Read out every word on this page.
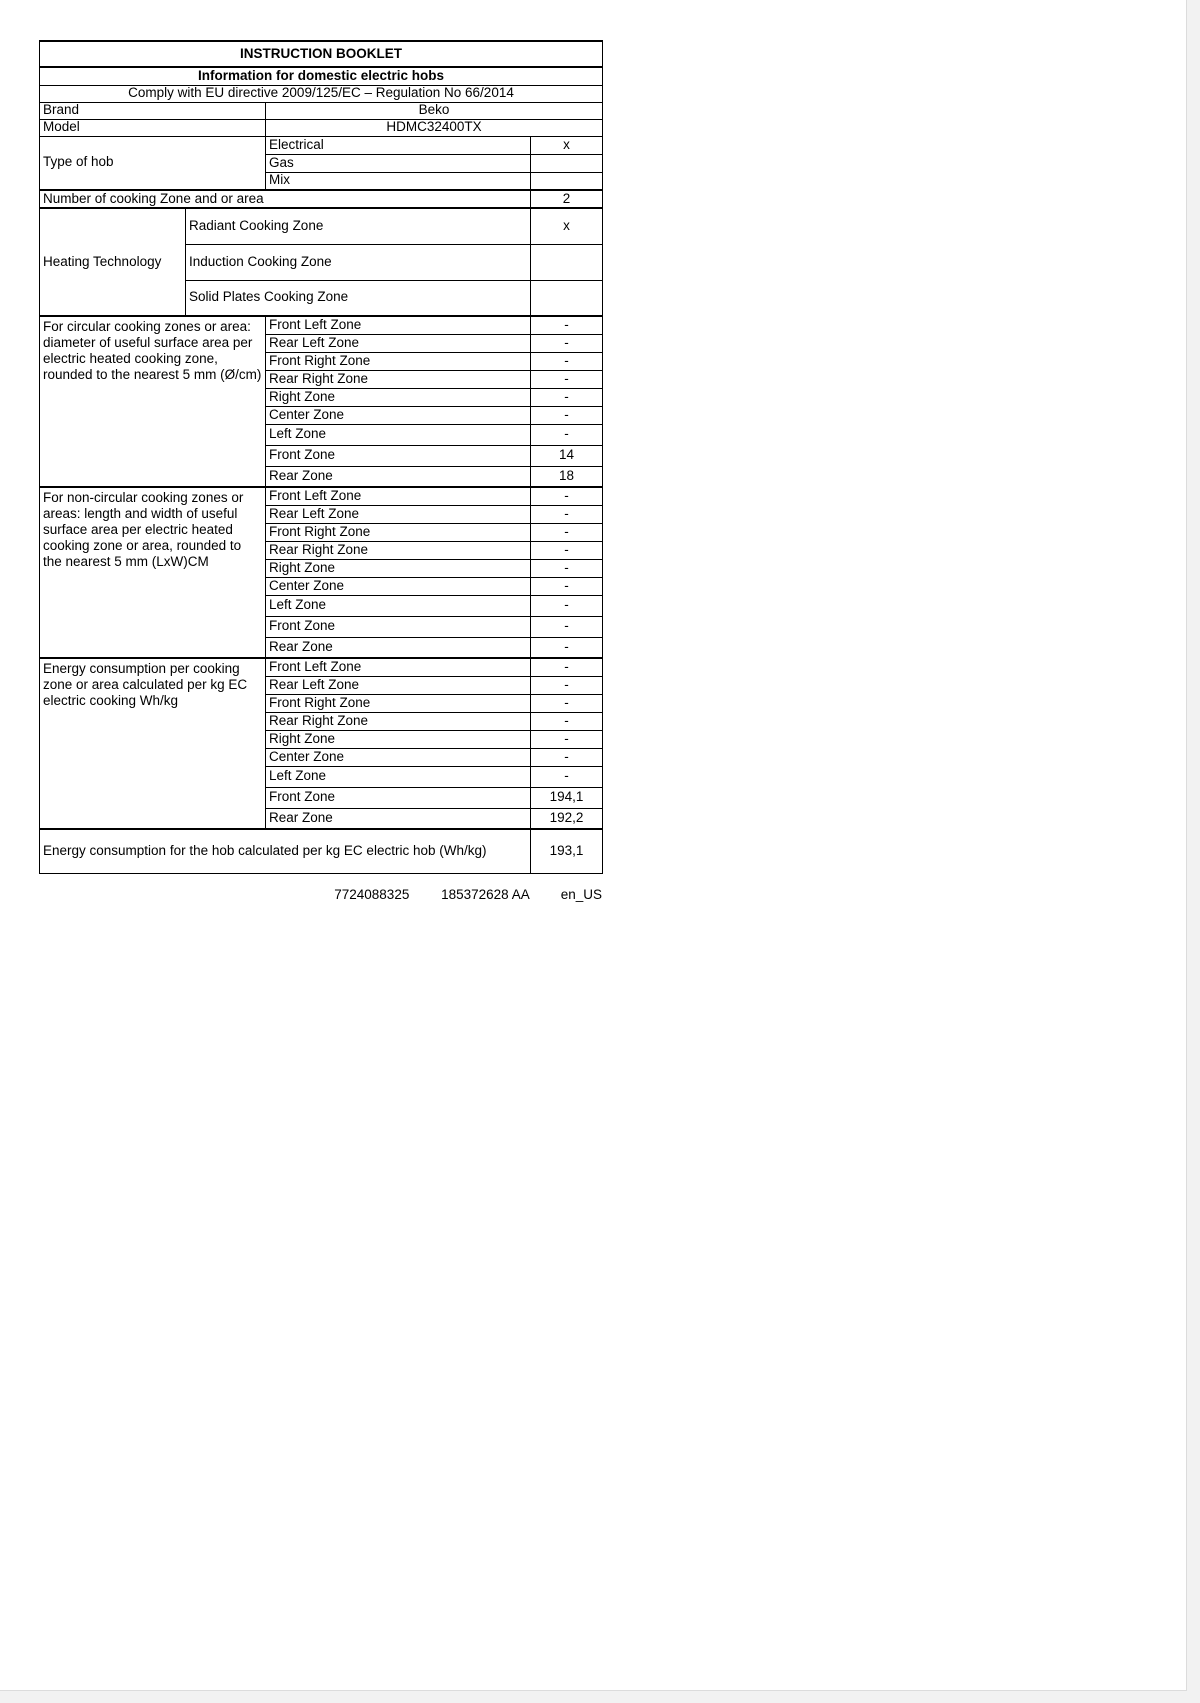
INSTRUCTION BOOKLET			
Information for domestic electric hobs			
Comply with EU directive 2009/125/EC – Regulation No 66/2014			
Brand		Beko	
Model		HDMC32400TX	
Type of hob		Electrical	x
		Gas	
		Mix	
Number of cooking Zone and or area			2
Heating Technology	Radiant Cooking Zone		x
	Induction Cooking Zone		
	Solid Plates Cooking Zone		
For circular cooking zones or area: diameter of useful surface area per electric heated cooking zone, rounded to the nearest 5 mm (Ø/cm)		Front Left Zone	-
		Rear Left Zone	-
		Front Right Zone	-
		Rear Right Zone	-
		Right Zone	-
		Center Zone	-
		Left Zone	-
		Front Zone	14
		Rear Zone	18
For non-circular cooking zones or areas: length and width of useful surface area per electric heated cooking zone or area, rounded to the nearest 5 mm (LxW)CM		Front Left Zone	-
		Rear Left Zone	-
		Front Right Zone	-
		Rear Right Zone	-
		Right Zone	-
		Center Zone	-
		Left Zone	-
		Front Zone	-
		Rear Zone	-
Energy consumption per cooking zone or area calculated per kg EC electric cooking Wh/kg		Front Left Zone	-
		Rear Left Zone	-
		Front Right Zone	-
		Rear Right Zone	-
		Right Zone	-
		Center Zone	-
		Left Zone	-
		Front Zone	194,1
		Rear Zone	192,2
Energy consumption for the hob calculated per kg EC electric hob (Wh/kg)			193,1
7724088325 185372628 AA en_US
